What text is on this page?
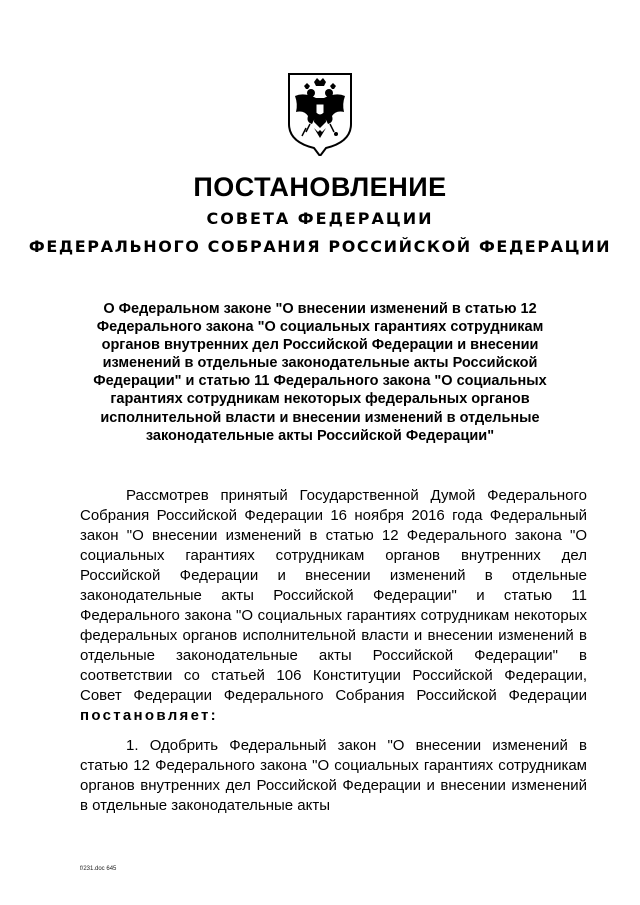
ПОСТАНОВЛЕНИЕ
СОВЕТА ФЕДЕРАЦИИ
ФЕДЕРАЛЬНОГО СОБРАНИЯ РОССИЙСКОЙ ФЕДЕРАЦИИ

О Федеральном законе "О внесении изменений в статью 12 Федерального закона "О социальных гарантиях сотрудникам органов внутренних дел Российской Федерации и внесении изменений в отдельные законодательные акты Российской Федерации" и статью 11 Федерального закона "О социальных гарантиях сотрудникам некоторых федеральных органов исполнительной власти и внесении изменений в отдельные законодательные акты Российской Федерации"

Рассмотрев принятый Государственной Думой Федерального Собрания Российской Федерации 16 ноября 2016 года Федеральный закон "О внесении изменений в статью 12 Федерального закона "О социальных гарантиях сотрудникам органов внутренних дел Российской Федерации и внесении изменений в отдельные законодательные акты Российской Федерации" и статью 11 Федерального закона "О социальных гарантиях сотрудникам некоторых федеральных органов исполнительной власти и внесении изменений в отдельные законодательные акты Российской Федерации" в соответствии со статьей 106 Конституции Российской Федерации, Совет Федерации Федерального Собрания Российской Федерации постановляет:

1. Одобрить Федеральный закон "О внесении изменений в статью 12 Федерального закона "О социальных гарантиях сотрудникам органов внутренних дел Российской Федерации и внесении изменений в отдельные законодательные акты

f/231.doc 645
